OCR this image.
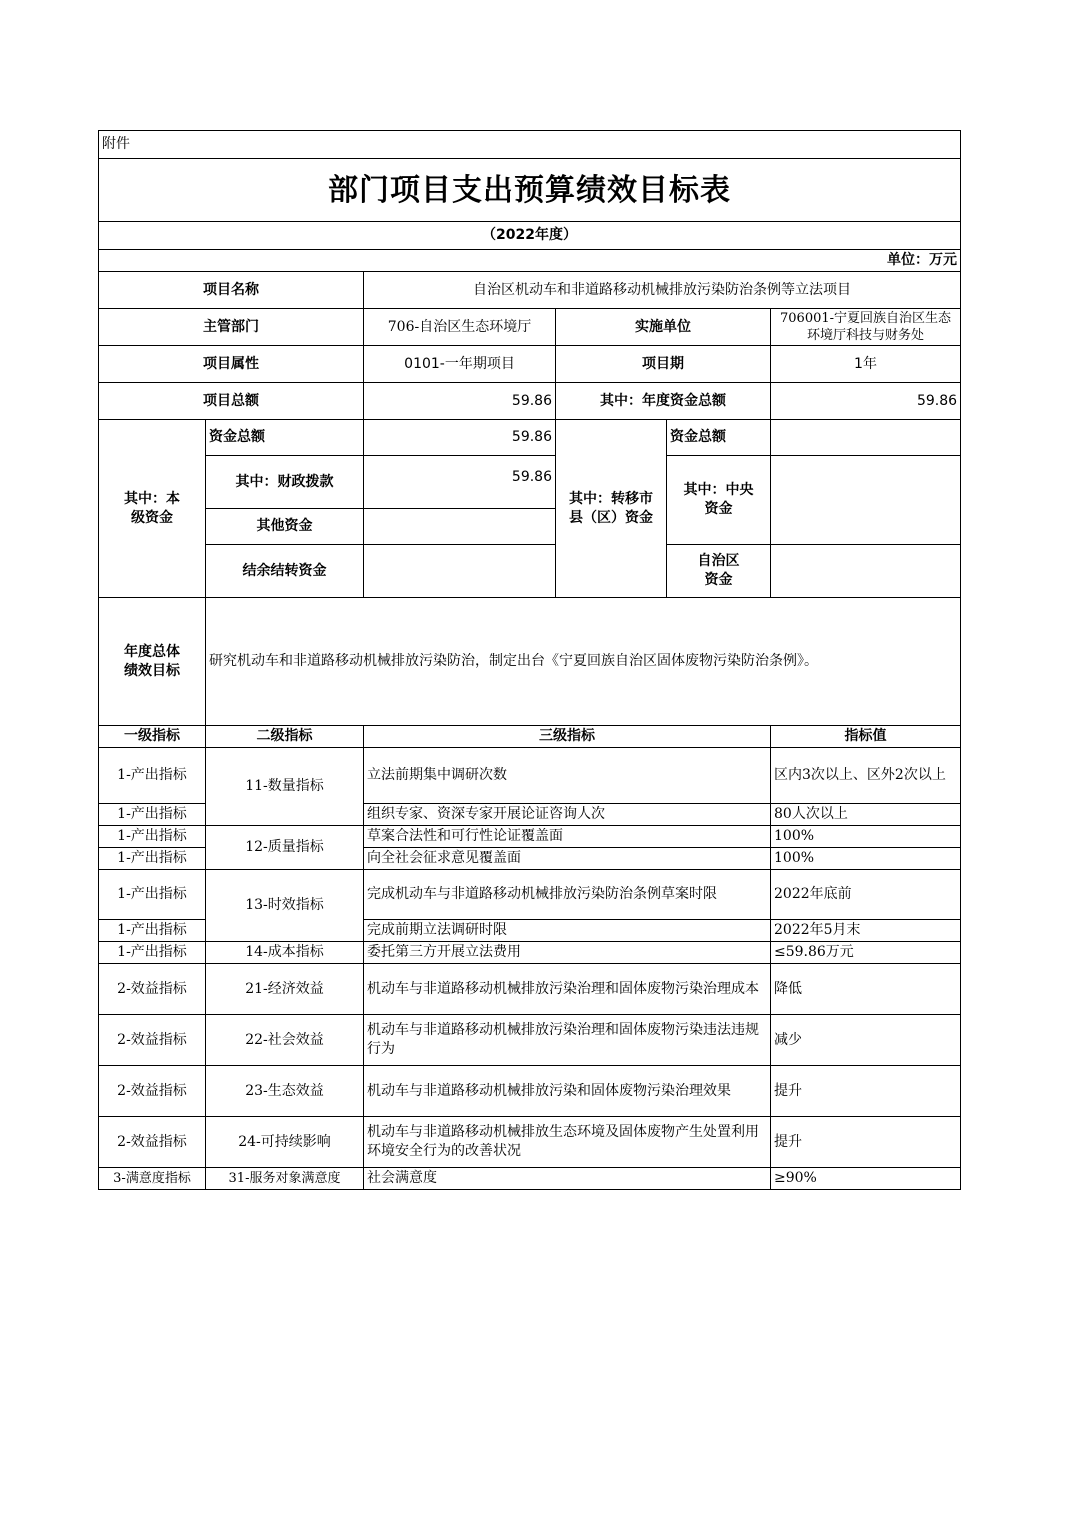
附件					
部门项目支出预算绩效目标表					
（2022年度）					
单位：万元					
项目名称		自治区机动车和非道路移动机械排放污染防治条例等立法项目			
主管部门		706-自治区生态环境厅	实施单位		706001-宁夏回族自治区生态环境厅科技与财务处
项目属性		0101-一年期项目	项目期		1年
项目总额		59.86	其中：年度资金总额		59.86
其中：本级资金	资金总额	59.86	其中：转移市县（区）资金	资金总额	
	其中：财政拨款	59.86		其中：中央资金	
	其他资金				
	结余结转资金			自治区资金	
年度总体绩效目标	研究机动车和非道路移动机械排放污染防治，制定出台《宁夏回族自治区固体废物污染防治条例》。				
一级指标	二级指标	三级指标			指标值
1-产出指标	11-数量指标	立法前期集中调研次数			区内3次以上、区外2次以上
1-产出指标		组织专家、资深专家开展论证咨询人次			80人次以上
1-产出指标	12-质量指标	草案合法性和可行性论证覆盖面			100%
1-产出指标		向全社会征求意见覆盖面			100%
1-产出指标	13-时效指标	完成机动车与非道路移动机械排放污染防治条例草案时限			2022年底前
1-产出指标		完成前期立法调研时限			2022年5月末
1-产出指标	14-成本指标	委托第三方开展立法费用			≤59.86万元
2-效益指标	21-经济效益	机动车与非道路移动机械排放污染治理和固体废物污染治理成本			降低
2-效益指标	22-社会效益	机动车与非道路移动机械排放污染治理和固体废物污染违法违规行为			减少
2-效益指标	23-生态效益	机动车与非道路移动机械排放污染和固体废物污染治理效果			提升
2-效益指标	24-可持续影响	机动车与非道路移动机械排放生态环境及固体废物产生处置利用环境安全行为的改善状况			提升
3-满意度指标	31-服务对象满意度	社会满意度			≥90%
